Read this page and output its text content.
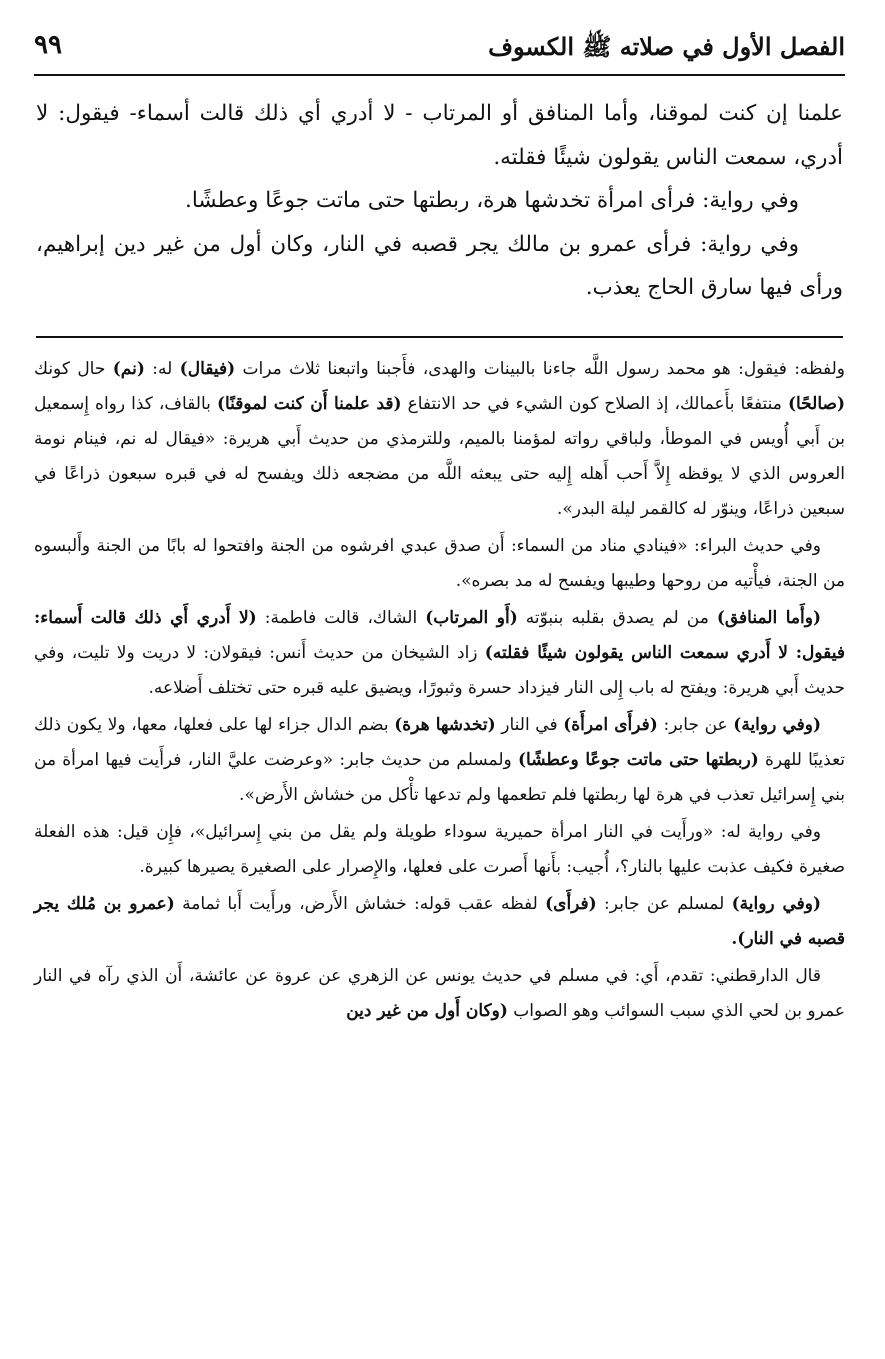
٩٩	الفصل الأول في صلاته ﷺ الكسوف

علمنا إن كنت لموقنا، وأما المنافق أو المرتاب - لا أدري أي ذلك قالت أسماء- فيقول: لا أدري، سمعت الناس يقولون شيئًا فقلته.

وفي رواية: فرأى امرأة تخدشها هرة، ربطتها حتى ماتت جوعًا وعطشًا.

وفي رواية: فرأى عمرو بن مالك يجر قصبه في النار، وكان أول من غير دين إبراهيم، ورأى فيها سارق الحاج يعذب.

ولفظه: فيقول: هو محمد رسول اللَّه جاءنا بالبينات والهدى، فأَجبنا واتبعنا ثلاث مرات (فيقال) له: (نم) حال كونك (صالحًا) منتفعًا بأَعمالك، إذ الصلاح كون الشيء في حد الانتفاع (قد علمنا أَن كنت لموقنًا) بالقاف، كذا رواه إِسمعيل بن أَبي أُويس في الموطأ، ولباقي رواته لمؤمنا بالميم، وللترمذي من حديث أَبي هريرة: «فيقال له نم، فينام نومة العروس الذي لا يوقظه إِلاَّ أَحب أَهله إِليه حتى يبعثه اللَّه من مضجعه ذلك ويفسح له في قبره سبعون ذراعًا في سبعين ذراعًا، وينوّر له كالقمر ليلة البدر».

وفي حديث البراء: «فينادي مناد من السماء: أَن صدق عبدي افرشوه من الجنة وافتحوا له بابًا من الجنة وأَلبسوه من الجنة، فيأْتيه من روحها وطيبها ويفسح له مد بصره».

(وأَما المنافق) من لم يصدق بقلبه بنبوّته (أَو المرتاب) الشاك، قالت فاطمة: (لا أَدري أَي ذلك قالت أَسماء: فيقول: لا أَدري سمعت الناس يقولون شيئًا فقلته) زاد الشيخان من حديث أَنس: فيقولان: لا دريت ولا تليت، وفي حديث أَبي هريرة: ويفتح له باب إِلى النار فيزداد حسرة وثبورًا، ويضيق عليه قبره حتى تختلف أَضلاعه.

(وفي رواية) عن جابر: (فرأَى امرأَة) في النار (تخدشها هرة) بضم الدال جزاء لها على فعلها، معها، ولا يكون ذلك تعذيبًا للهرة (ربطتها حتى ماتت جوعًا وعطشًا) ولمسلم من حديث جابر: «وعرضت عليَّ النار، فرأَيت فيها امرأة من بني إِسرائيل تعذب في هرة لها ربطتها فلم تطعمها ولم تدعها تأْكل من خشاش الأَرض».

وفي رواية له: «ورأَيت في النار امرأة حميرية سوداء طويلة ولم يقل من بني إِسرائيل»، فإِن قيل: هذه الفعلة صغيرة فكيف عذبت عليها بالنار؟، أُجيب: بأَنها أَصرت على فعلها، والإِصرار على الصغيرة يصيرها كبيرة.

(وفي رواية) لمسلم عن جابر: (فرأَى) لفظه عقب قوله: خشاش الأَرض، ورأَيت أَبا ثمامة (عمرو بن مُلك يجر قصبه في النار).

قال الدارقطني: تقدم، أَي: في مسلم في حديث يونس عن الزهري عن عروة عن عائشة، أَن الذي رآه في النار عمرو بن لحي الذي سبب السوائب وهو الصواب (وكان أَول من غير دين
